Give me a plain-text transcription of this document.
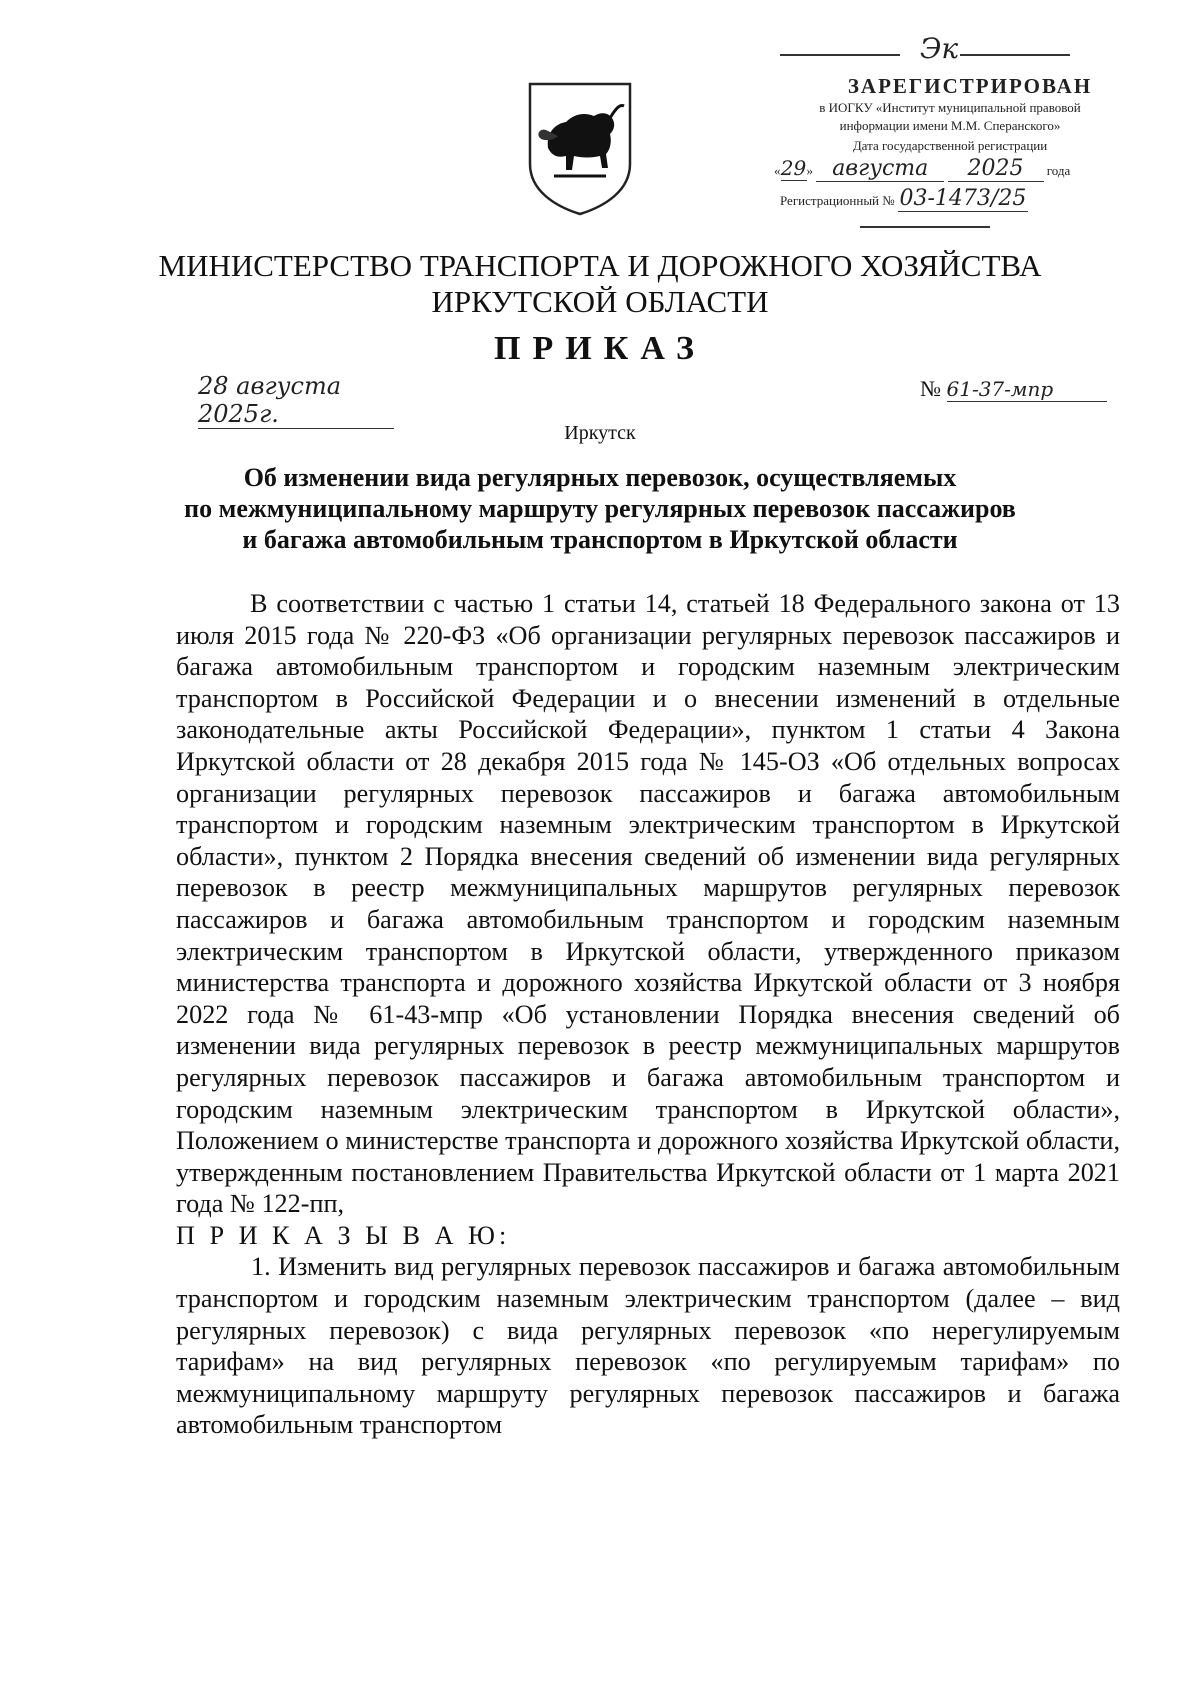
Эк
ЗАРЕГИСТРИРОВАН
в ИОГКУ «Институт муниципальной правовой
информации имени М.М. Сперанского»
Дата государственной регистрации
«29» августа 2025 года
Регистрационный № 03-1473/25
МИНИСТЕРСТВО ТРАНСПОРТА И ДОРОЖНОГО ХОЗЯЙСТВА
ИРКУТСКОЙ ОБЛАСТИ
ПРИКАЗ
28 августа 2025г.
№ 61-37-мпр
Иркутск
Об изменении вида регулярных перевозок, осуществляемых
по межмуниципальному маршруту регулярных перевозок пассажиров
и багажа автомобильным транспортом в Иркутской области

В соответствии с частью 1 статьи 14, статьей 18 Федерального закона от 13 июля 2015 года № 220-ФЗ «Об организации регулярных перевозок пассажиров и багажа автомобильным транспортом и городским наземным электрическим транспортом в Российской Федерации и о внесении изменений в отдельные законодательные акты Российской Федерации», пунктом 1 статьи 4 Закона Иркутской области от 28 декабря 2015 года № 145-ОЗ «Об отдельных вопросах организации регулярных перевозок пассажиров и багажа автомобильным транспортом и городским наземным электрическим транспортом в Иркутской области», пунктом 2 Порядка внесения сведений об изменении вида регулярных перевозок в реестр межмуниципальных маршрутов регулярных перевозок пассажиров и багажа автомобильным транспортом и городским наземным электрическим транспортом в Иркутской области, утвержденного приказом министерства транспорта и дорожного хозяйства Иркутской области от 3 ноября 2022 года № 61-43-мпр «Об установлении Порядка внесения сведений об изменении вида регулярных перевозок в реестр межмуниципальных маршрутов регулярных перевозок пассажиров и багажа автомобильным транспортом и городским наземным электрическим транспортом в Иркутской области», Положением о министерстве транспорта и дорожного хозяйства Иркутской области, утвержденным постановлением Правительства Иркутской области от 1 марта 2021 года № 122-пп,

П Р И К А З Ы В А Ю:

1. Изменить вид регулярных перевозок пассажиров и багажа автомобильным транспортом и городским наземным электрическим транспортом (далее – вид регулярных перевозок) с вида регулярных перевозок «по нерегулируемым тарифам» на вид регулярных перевозок «по регулируемым тарифам» по межмуниципальному маршруту регулярных перевозок пассажиров и багажа автомобильным транспортом
